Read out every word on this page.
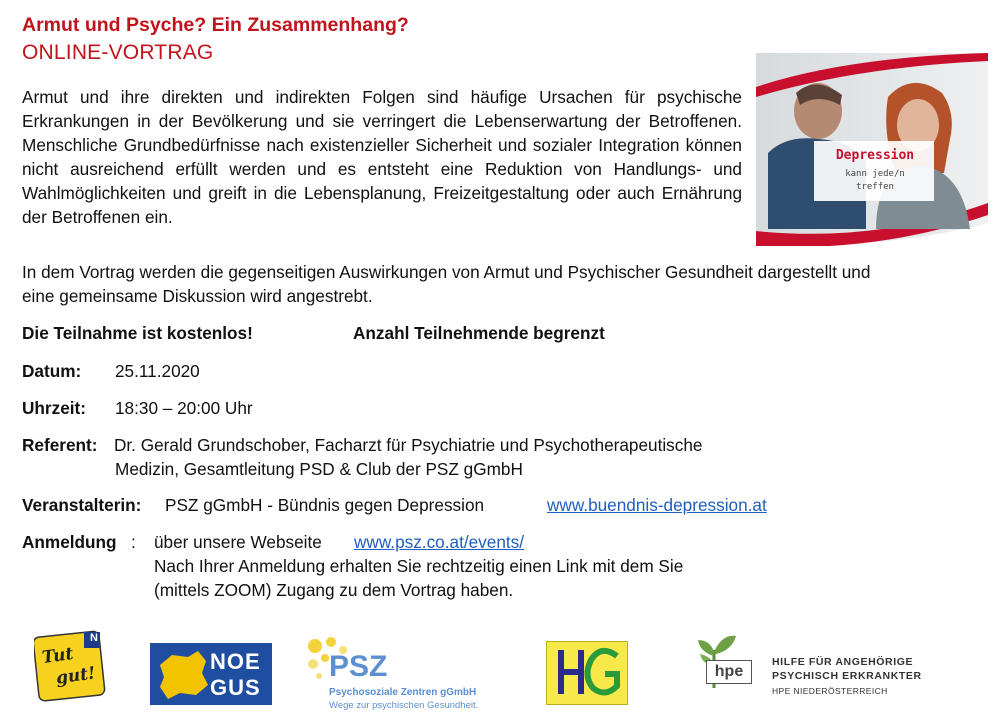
Armut und Psyche? Ein Zusammenhang?
ONLINE-VORTRAG
Armut und ihre direkten und indirekten Folgen sind häufige Ursachen für psychische Erkrankungen in der Bevölkerung und sie verringert die Lebenserwartung der Betroffenen. Menschliche Grundbedürfnisse nach existenzieller Sicherheit und sozialer Integration können nicht ausreichend erfüllt werden und es entsteht eine Reduktion von Handlungs- und Wahlmöglichkeiten und greift in die Lebensplanung, Freizeitgestaltung oder auch Ernährung der Betroffenen ein.
Depression
kann jede/n
treffen
In dem Vortrag werden die gegenseitigen Auswirkungen von Armut und Psychischer Gesundheit dargestellt und eine gemeinsame Diskussion wird angestrebt.
Die Teilnahme ist kostenlos!	Anzahl Teilnehmende begrenzt
Datum: 25.11.2020
Uhrzeit: 18:30 – 20:00 Uhr
Referent: Dr. Gerald Grundschober, Facharzt für Psychiatrie und Psychotherapeutische
Medizin, Gesamtleitung PSD & Club der PSZ gGmbH
Veranstalterin: PSZ gGmbH - Bündnis gegen Depression	www.buendnis-depression.at
Anmeldung : über unsere Webseite www.psz.co.at/events/
Nach Ihrer Anmeldung erhalten Sie rechtzeitig einen Link mit dem Sie
(mittels ZOOM) Zugang zu dem Vortrag haben.
N
Tut
gut!
NOE
GUS
PSZ
Psychosoziale Zentren gGmbH
Wege zur psychischen Gesundheit.
hpe
HILFE FÜR ANGEHÖRIGE
PSYCHISCH ERKRANKTER
HPE NIEDERÖSTERREICH
